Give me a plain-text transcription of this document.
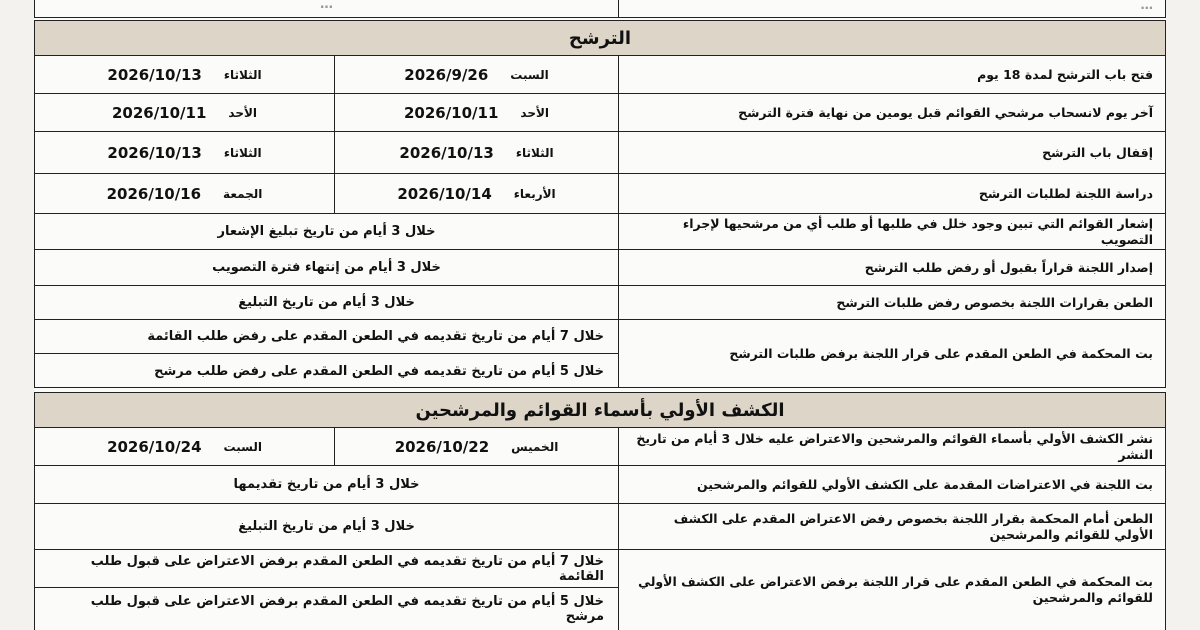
…
…
الترشح
فتح باب الترشح لمدة 18 يوم
2026/9/26 السبت
2026/10/13 الثلاثاء
آخر يوم لانسحاب مرشحي القوائم قبل يومين من نهاية فترة الترشح
2026/10/11 الأحد
2026/10/11 الأحد
إقفال باب الترشح
2026/10/13 الثلاثاء
2026/10/13 الثلاثاء
دراسة اللجنة لطلبات الترشح
2026/10/14 الأربعاء
2026/10/16 الجمعة
إشعار القوائم التي تبين وجود خلل في طلبها أو طلب أي من مرشحيها لإجراء التصويب
خلال 3 أيام من تاريخ تبليغ الإشعار
إصدار اللجنة قراراً بقبول أو رفض طلب الترشح
خلال 3 أيام من إنتهاء فترة التصويب
الطعن بقرارات اللجنة بخصوص رفض طلبات الترشح
خلال 3 أيام من تاريخ التبليغ
بت المحكمة في الطعن المقدم على قرار اللجنة برفض طلبات الترشح
خلال 7 أيام من تاريخ تقديمه في الطعن المقدم على رفض طلب القائمة
خلال 5 أيام من تاريخ تقديمه في الطعن المقدم على رفض طلب مرشح
الكشف الأولي بأسماء القوائم والمرشحين
نشر الكشف الأولي بأسماء القوائم والمرشحين والاعتراض عليه خلال 3 أيام من تاريخ النشر
2026/10/22 الخميس
2026/10/24 السبت
بت اللجنة في الاعتراضات المقدمة على الكشف الأولي للقوائم والمرشحين
خلال 3 أيام من تاريخ تقديمها
الطعن أمام المحكمة بقرار اللجنة بخصوص رفض الاعتراض المقدم على الكشف الأولي للقوائم والمرشحين
خلال 3 أيام من تاريخ التبليغ
بت المحكمة في الطعن المقدم على قرار اللجنة برفض الاعتراض على الكشف الأولي للقوائم والمرشحين
خلال 7 أيام من تاريخ تقديمه في الطعن المقدم برفض الاعتراض على قبول طلب القائمة
خلال 5 أيام من تاريخ تقديمه في الطعن المقدم برفض الاعتراض على قبول طلب مرشح
